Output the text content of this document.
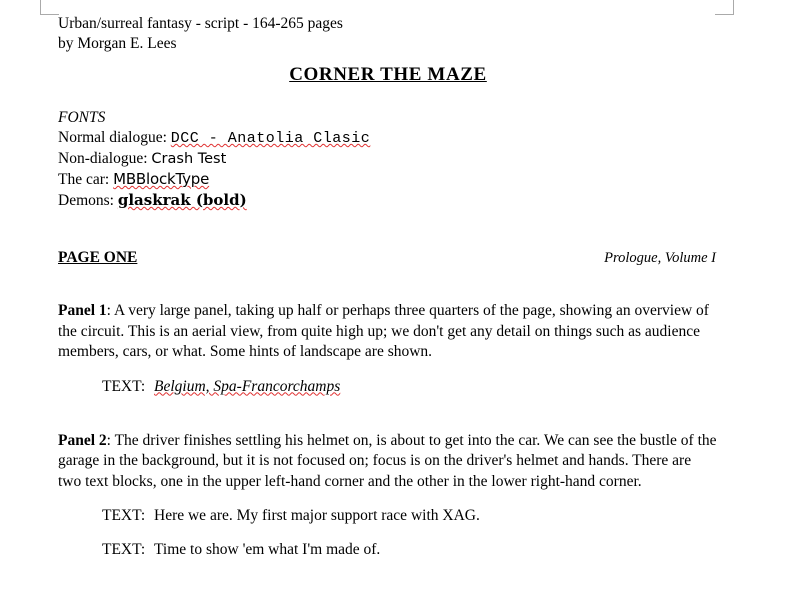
Urban/surreal fantasy - script - 164-265 pages
by Morgan E. Lees
CORNER THE MAZE
FONTS
Normal dialogue: DCC - Anatolia Clasic
Non-dialogue: Crash Test
The car: MBBlockType
Demons: glaskrak (bold)
PAGE ONE	Prologue, Volume I
Panel 1: A very large panel, taking up half or perhaps three quarters of the page, showing an overview of the circuit. This is an aerial view, from quite high up; we don't get any detail on things such as audience members, cars, or what. Some hints of landscape are shown.
TEXT: Belgium, Spa-Francorchamps
Panel 2: The driver finishes settling his helmet on, is about to get into the car. We can see the bustle of the garage in the background, but it is not focused on; focus is on the driver's helmet and hands. There are two text blocks, one in the upper left-hand corner and the other in the lower right-hand corner.
TEXT: Here we are. My first major support race with XAG.
TEXT: Time to show 'em what I'm made of.
